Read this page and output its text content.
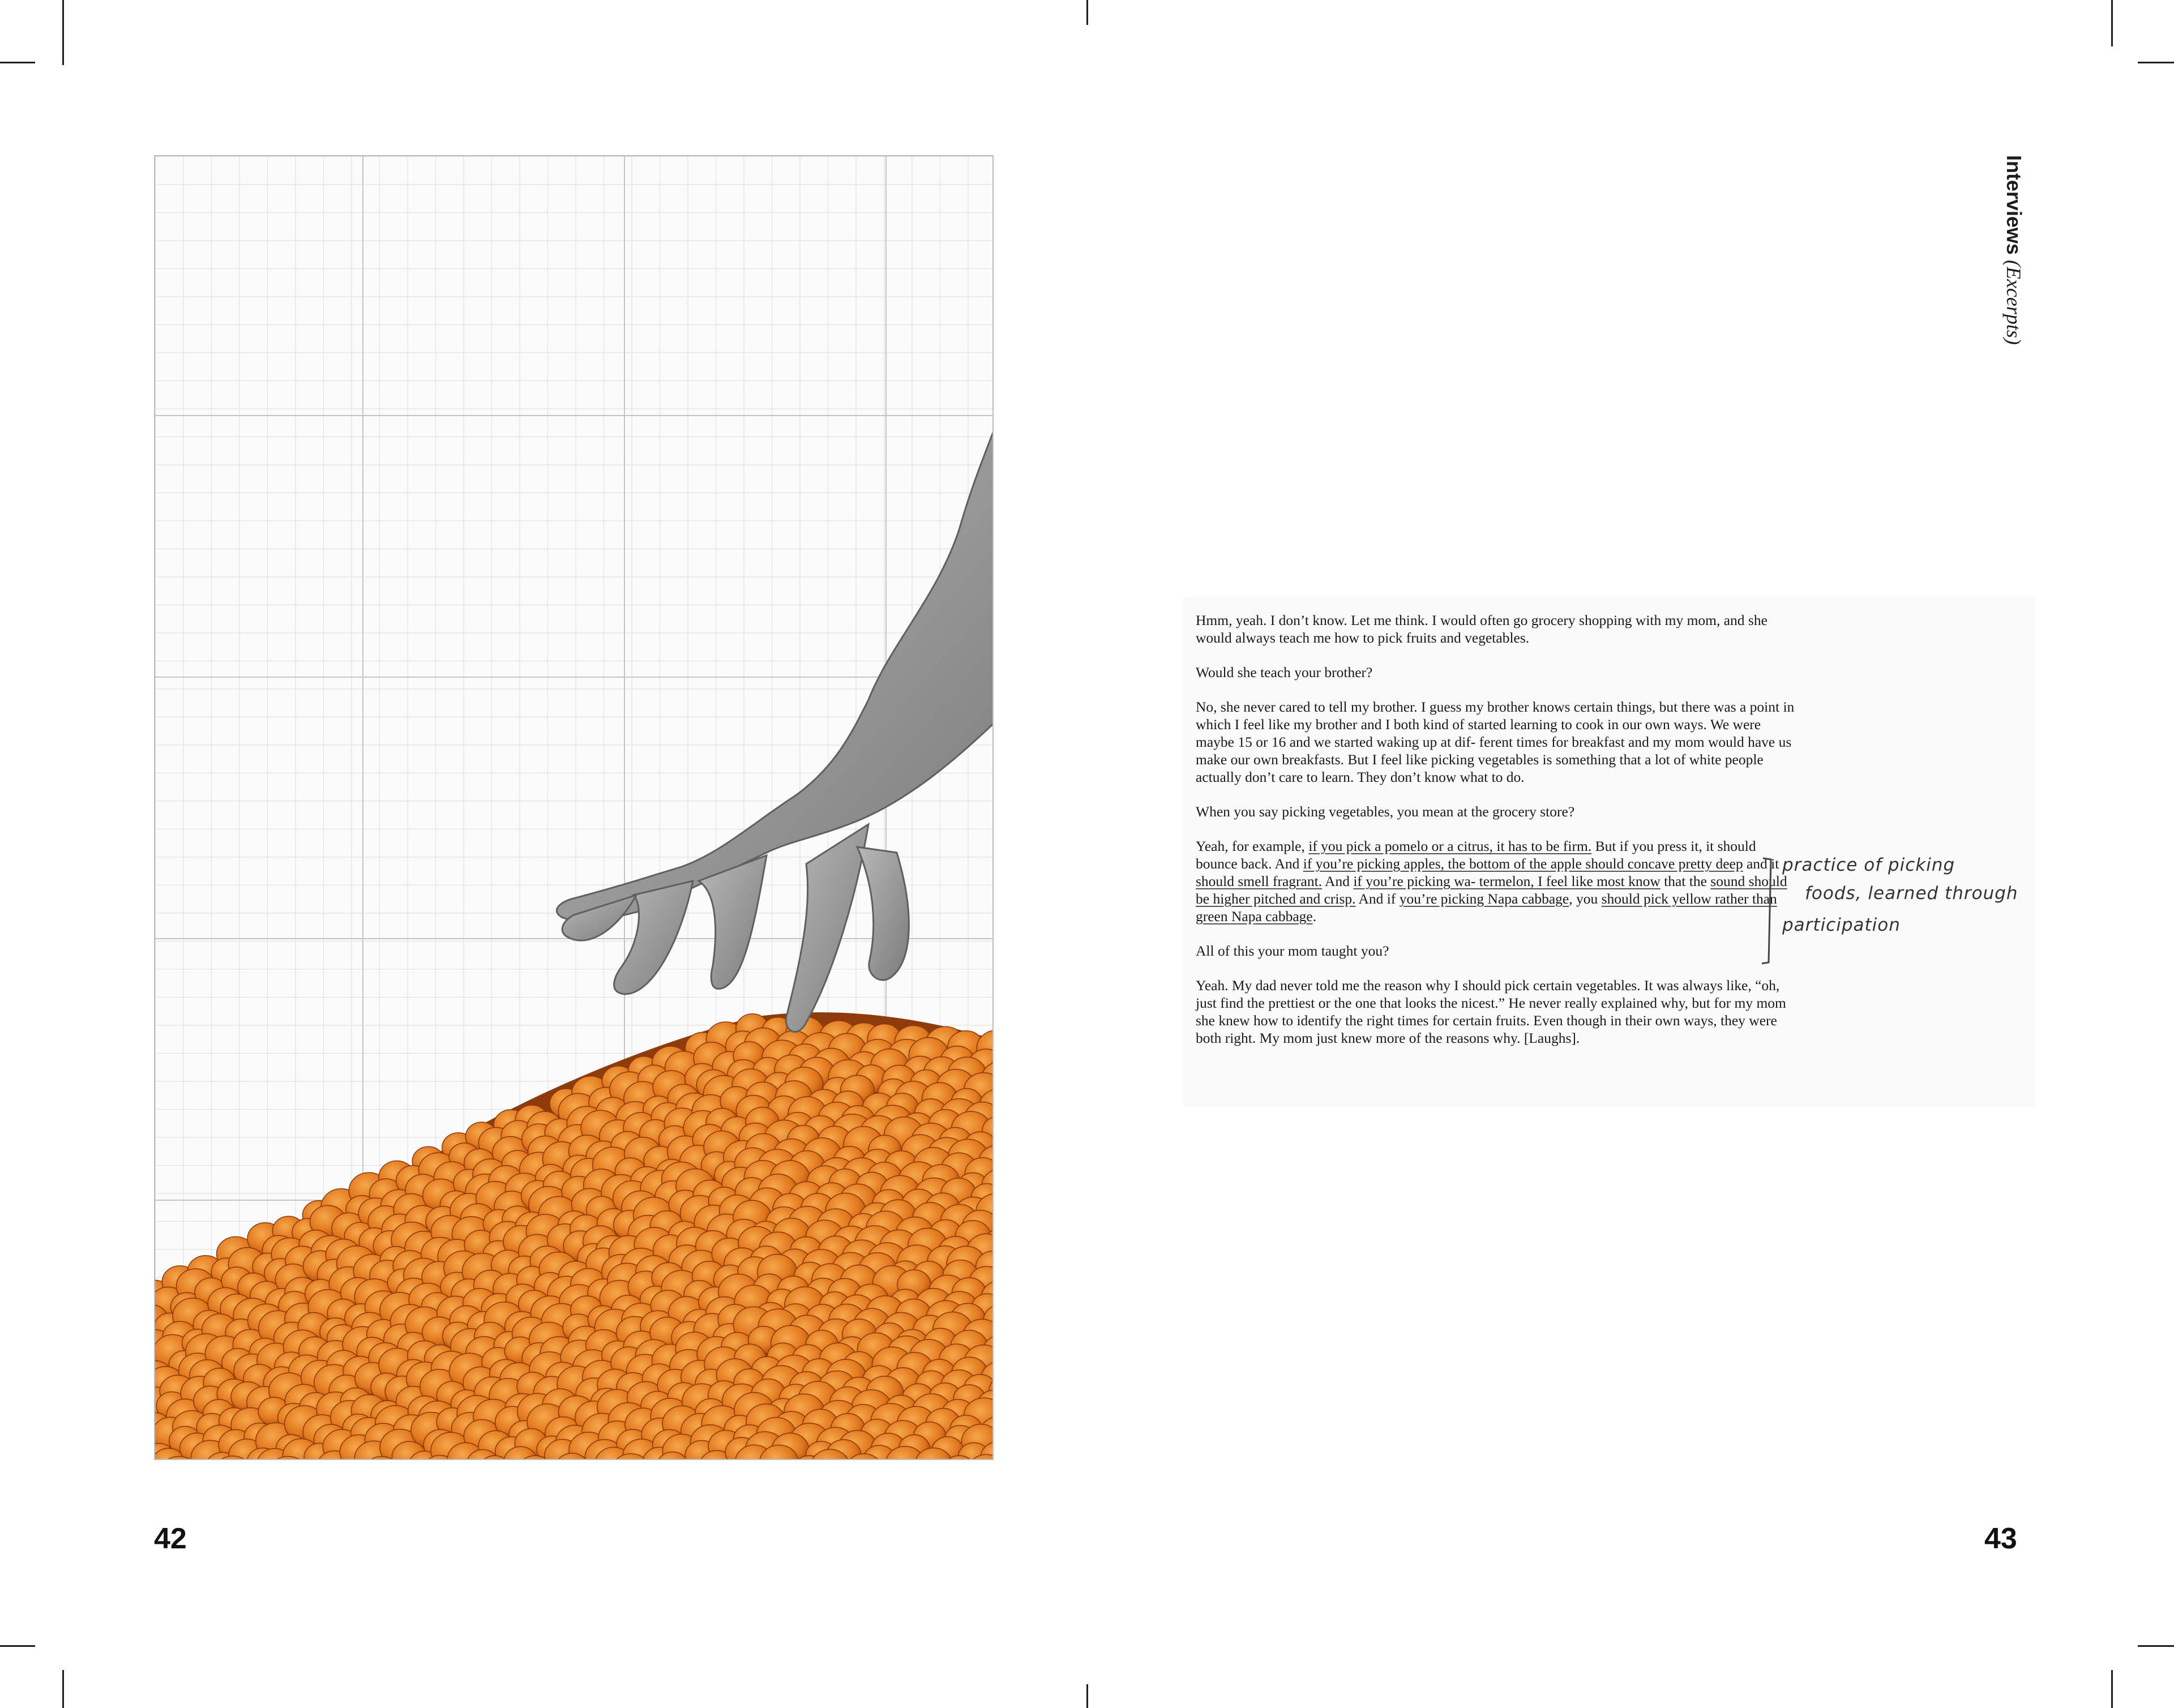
42	43
Interviews (Excerpts)

Hmm, yeah. I don’t know. Let me think. I would often go grocery shopping with my mom, and she would always teach me how to pick fruits and vegetables.

Would she teach your brother?

No, she never cared to tell my brother. I guess my brother knows certain things, but there was a point in which I feel like my brother and I both kind of started learning to cook in our own ways. We were maybe 15 or 16 and we started waking up at dif- ferent times for breakfast and my mom would have us make our own breakfasts. But I feel like picking vegetables is something that a lot of white people actually don’t care to learn. They don’t know what to do.

When you say picking vegetables, you mean at the grocery store?

Yeah, for example, if you pick a pomelo or a citrus, it has to be firm. But if you press it, it should bounce back. And if you’re picking apples, the bottom of the apple should concave pretty deep and it should smell fragrant. And if you’re picking wa- termelon, I feel like most know that the sound should be higher pitched and crisp. And if you’re picking Napa cabbage, you should pick yellow rather than green Napa cabbage.

All of this your mom taught you?

Yeah. My dad never told me the reason why I should pick certain vegetables. It was always like, “oh, just find the prettiest or the one that looks the nicest.” He never really explained why, but for my mom she knew how to identify the right times for certain fruits. Even though in their own ways, they were both right. My mom just knew more of the reasons why. [Laughs].

practice of picking
foods, learned through
participation
